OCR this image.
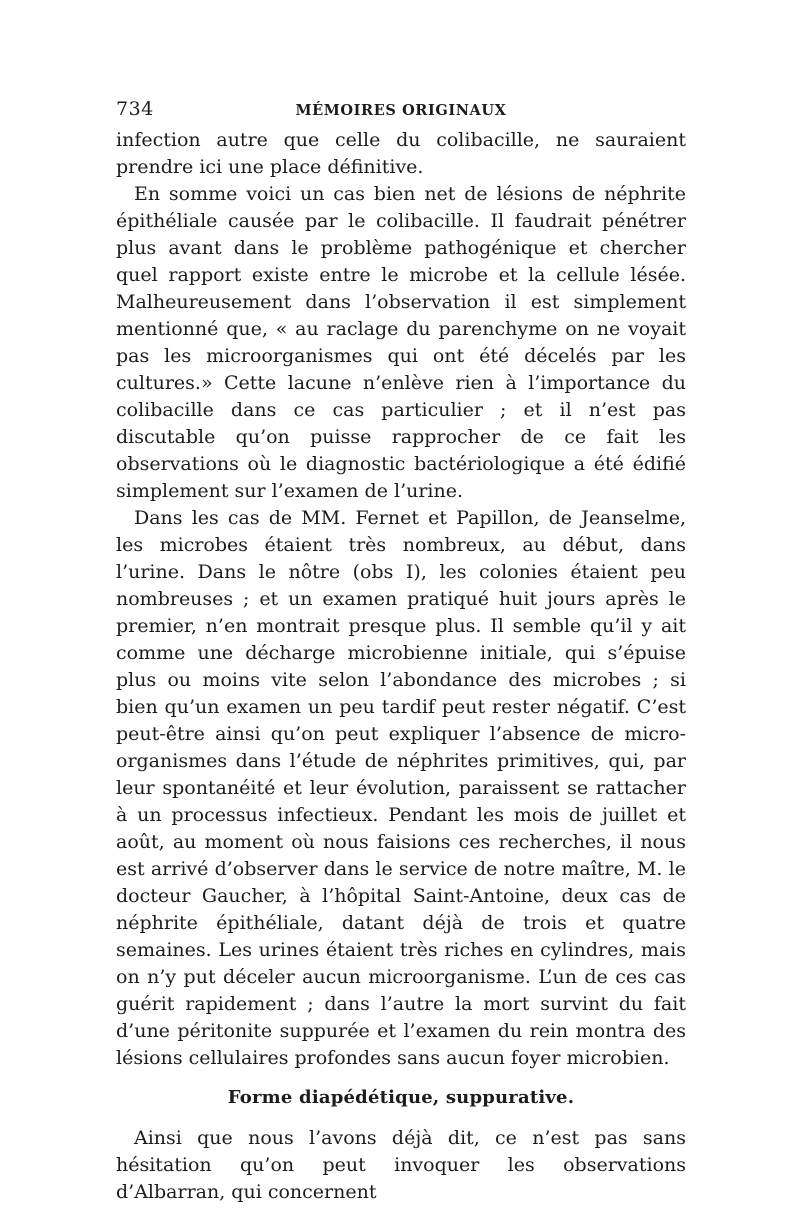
734	MÉMOIRES ORIGINAUX

infection autre que celle du colibacille, ne sauraient prendre ici une place définitive.

En somme voici un cas bien net de lésions de néphrite épithéliale causée par le colibacille. Il faudrait pénétrer plus avant dans le problème pathogénique et chercher quel rapport existe entre le microbe et la cellule lésée. Malheureusement dans l’observation il est simplement mentionné que, « au raclage du parenchyme on ne voyait pas les microorganismes qui ont été décelés par les cultures.» Cette lacune n’enlève rien à l’importance du colibacille dans ce cas particulier ; et il n’est pas discutable qu’on puisse rapprocher de ce fait les observations où le diagnostic bactériologique a été édifié simplement sur l’examen de l’urine.

Dans les cas de MM. Fernet et Papillon, de Jeanselme, les microbes étaient très nombreux, au début, dans l’urine. Dans le nôtre (obs I), les colonies étaient peu nombreuses ; et un examen pratiqué huit jours après le premier, n’en montrait presque plus. Il semble qu’il y ait comme une décharge microbienne initiale, qui s’épuise plus ou moins vite selon l’abondance des microbes ; si bien qu’un examen un peu tardif peut rester négatif. C’est peut-être ainsi qu’on peut expliquer l’absence de micro-organismes dans l’étude de néphrites primitives, qui, par leur spontanéité et leur évolution, paraissent se rattacher à un processus infectieux. Pendant les mois de juillet et août, au moment où nous faisions ces recherches, il nous est arrivé d’observer dans le service de notre maître, M. le docteur Gaucher, à l’hôpital Saint-Antoine, deux cas de néphrite épithéliale, datant déjà de trois et quatre semaines. Les urines étaient très riches en cylindres, mais on n’y put déceler aucun microorganisme. L’un de ces cas guérit rapidement ; dans l’autre la mort survint du fait d’une péritonite suppurée et l’examen du rein montra des lésions cellulaires profondes sans aucun foyer microbien.

Forme diapédétique, suppurative.

Ainsi que nous l’avons déjà dit, ce n’est pas sans hésitation qu’on peut invoquer les observations d’Albarran, qui concernent
